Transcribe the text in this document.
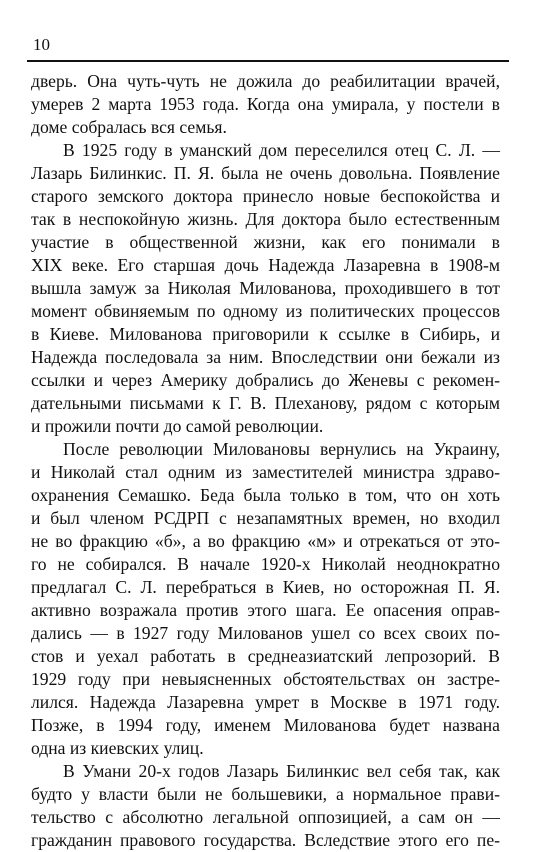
10
дверь. Она чуть-чуть не дожила до реабилитации врачей,
умерев 2 марта 1953 года. Когда она умирала, у постели в
доме собралась вся семья.
В 1925 году в уманский дом переселился отец С. Л. —
Лазарь Билинкис. П. Я. была не очень довольна. Появление
старого земского доктора принесло новые беспокойства и
так в неспокойную жизнь. Для доктора было естественным
участие в общественной жизни, как его понимали в
XIX веке. Его старшая дочь Надежда Лазаревна в 1908-м
вышла замуж за Николая Милованова, проходившего в тот
момент обвиняемым по одному из политических процессов
в Киеве. Милованова приговорили к ссылке в Сибирь, и
Надежда последовала за ним. Впоследствии они бежали из
ссылки и через Америку добрались до Женевы с рекомен-
дательными письмами к Г. В. Плеханову, рядом с которым
и прожили почти до самой революции.
После революции Миловановы вернулись на Украину,
и Николай стал одним из заместителей министра здраво-
охранения Семашко. Беда была только в том, что он хоть
и был членом РСДРП с незапамятных времен, но входил
не во фракцию «б», а во фракцию «м» и отрекаться от это-
го не собирался. В начале 1920-х Николай неоднократно
предлагал С. Л. перебраться в Киев, но осторожная П. Я.
активно возражала против этого шага. Ее опасения оправ-
дались — в 1927 году Милованов ушел со всех своих по-
стов и уехал работать в среднеазиатский лепрозорий. В
1929 году при невыясненных обстоятельствах он застре-
лился. Надежда Лазаревна умрет в Москве в 1971 году.
Позже, в 1994 году, именем Милованова будет названа
одна из киевских улиц.
В Умани 20-х годов Лазарь Билинкис вел себя так, как
будто у власти были не большевики, а нормальное прави-
тельство с абсолютно легальной оппозицией, а сам он —
гражданин правового государства. Вследствие этого его пе-
